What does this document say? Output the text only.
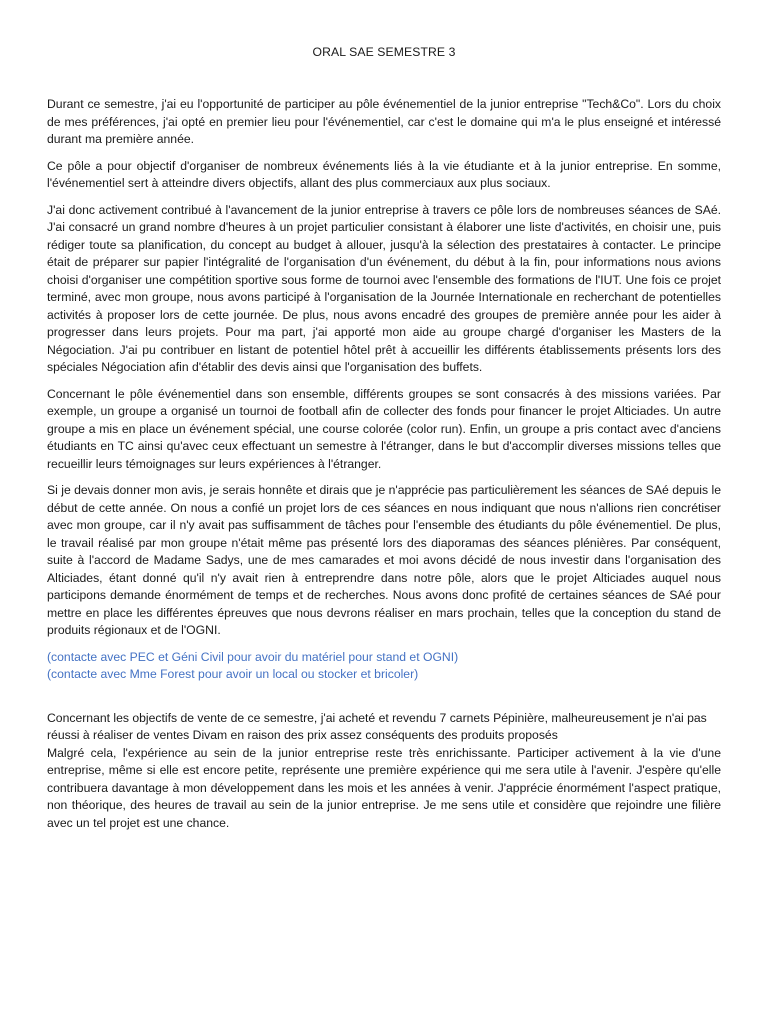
ORAL SAE SEMESTRE 3

Durant ce semestre, j'ai eu l'opportunité de participer au pôle événementiel de la junior entreprise "Tech&Co". Lors du choix de mes préférences, j'ai opté en premier lieu pour l'événementiel, car c'est le domaine qui m'a le plus enseigné et intéressé durant ma première année.

Ce pôle a pour objectif d'organiser de nombreux événements liés à la vie étudiante et à la junior entreprise. En somme, l'événementiel sert à atteindre divers objectifs, allant des plus commerciaux aux plus sociaux.

J'ai donc activement contribué à l'avancement de la junior entreprise à travers ce pôle lors de nombreuses séances de SAé. J'ai consacré un grand nombre d'heures à un projet particulier consistant à élaborer une liste d'activités, en choisir une, puis rédiger toute sa planification, du concept au budget à allouer, jusqu'à la sélection des prestataires à contacter. Le principe était de préparer sur papier l'intégralité de l'organisation d'un événement, du début à la fin, pour informations nous avions choisi d'organiser une compétition sportive sous forme de tournoi avec l'ensemble des formations de l'IUT. Une fois ce projet terminé, avec mon groupe, nous avons participé à l'organisation de la Journée Internationale en recherchant de potentielles activités à proposer lors de cette journée. De plus, nous avons encadré des groupes de première année pour les aider à progresser dans leurs projets. Pour ma part, j'ai apporté mon aide au groupe chargé d'organiser les Masters de la Négociation. J'ai pu contribuer en listant de potentiel hôtel prêt à accueillir les différents établissements présents lors des spéciales Négociation afin d'établir des devis ainsi que l'organisation des buffets.

Concernant le pôle événementiel dans son ensemble, différents groupes se sont consacrés à des missions variées. Par exemple, un groupe a organisé un tournoi de football afin de collecter des fonds pour financer le projet Alticiades. Un autre groupe a mis en place un événement spécial, une course colorée (color run). Enfin, un groupe a pris contact avec d'anciens étudiants en TC ainsi qu'avec ceux effectuant un semestre à l'étranger, dans le but d'accomplir diverses missions telles que recueillir leurs témoignages sur leurs expériences à l'étranger.

Si je devais donner mon avis, je serais honnête et dirais que je n'apprécie pas particulièrement les séances de SAé depuis le début de cette année. On nous a confié un projet lors de ces séances en nous indiquant que nous n'allions rien concrétiser avec mon groupe, car il n'y avait pas suffisamment de tâches pour l'ensemble des étudiants du pôle événementiel. De plus, le travail réalisé par mon groupe n'était même pas présenté lors des diaporamas des séances plénières. Par conséquent, suite à l'accord de Madame Sadys, une de mes camarades et moi avons décidé de nous investir dans l'organisation des Alticiades, étant donné qu'il n'y avait rien à entreprendre dans notre pôle, alors que le projet Alticiades auquel nous participons demande énormément de temps et de recherches. Nous avons donc profité de certaines séances de SAé pour mettre en place les différentes épreuves que nous devrons réaliser en mars prochain, telles que la conception du stand de produits régionaux et de l'OGNI.

(contacte avec PEC et Géni Civil pour avoir du matériel pour stand et OGNI)

(contacte avec Mme Forest pour avoir un local ou stocker et bricoler)

Concernant les objectifs de vente de ce semestre, j'ai acheté et revendu 7 carnets Pépinière, malheureusement je n'ai pas réussi à réaliser de ventes Divam en raison des prix assez conséquents des produits proposés

Malgré cela, l'expérience au sein de la junior entreprise reste très enrichissante. Participer activement à la vie d'une entreprise, même si elle est encore petite, représente une première expérience qui me sera utile à l'avenir. J'espère qu'elle contribuera davantage à mon développement dans les mois et les années à venir. J'apprécie énormément l'aspect pratique, non théorique, des heures de travail au sein de la junior entreprise. Je me sens utile et considère que rejoindre une filière avec un tel projet est une chance.
